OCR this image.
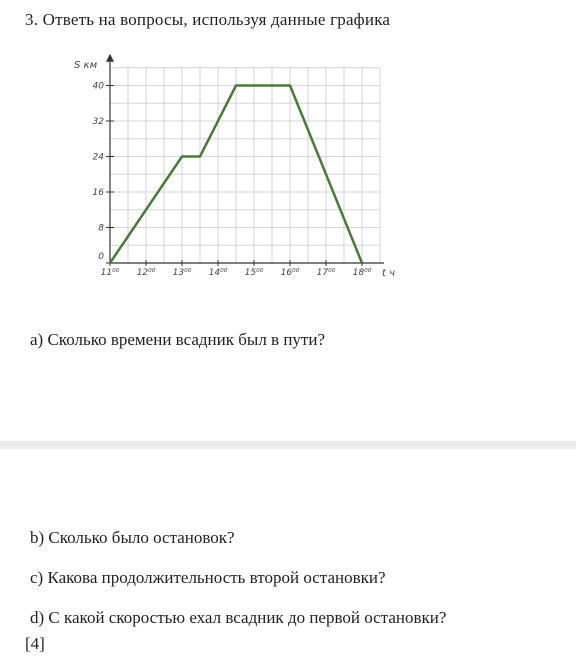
3. Ответь на вопросы, используя данные графика
0
8
16
24
32
40
11⁰⁰ 12⁰⁰ 13⁰⁰ 14⁰⁰ 15⁰⁰ 16⁰⁰ 17⁰⁰ 18⁰⁰
S км
t ч
a) Сколько времени всадник был в пути?
b) Сколько было остановок?
c) Какова продолжительность второй остановки?
d) С какой скоростью ехал всадник до первой остановки?
[4]
